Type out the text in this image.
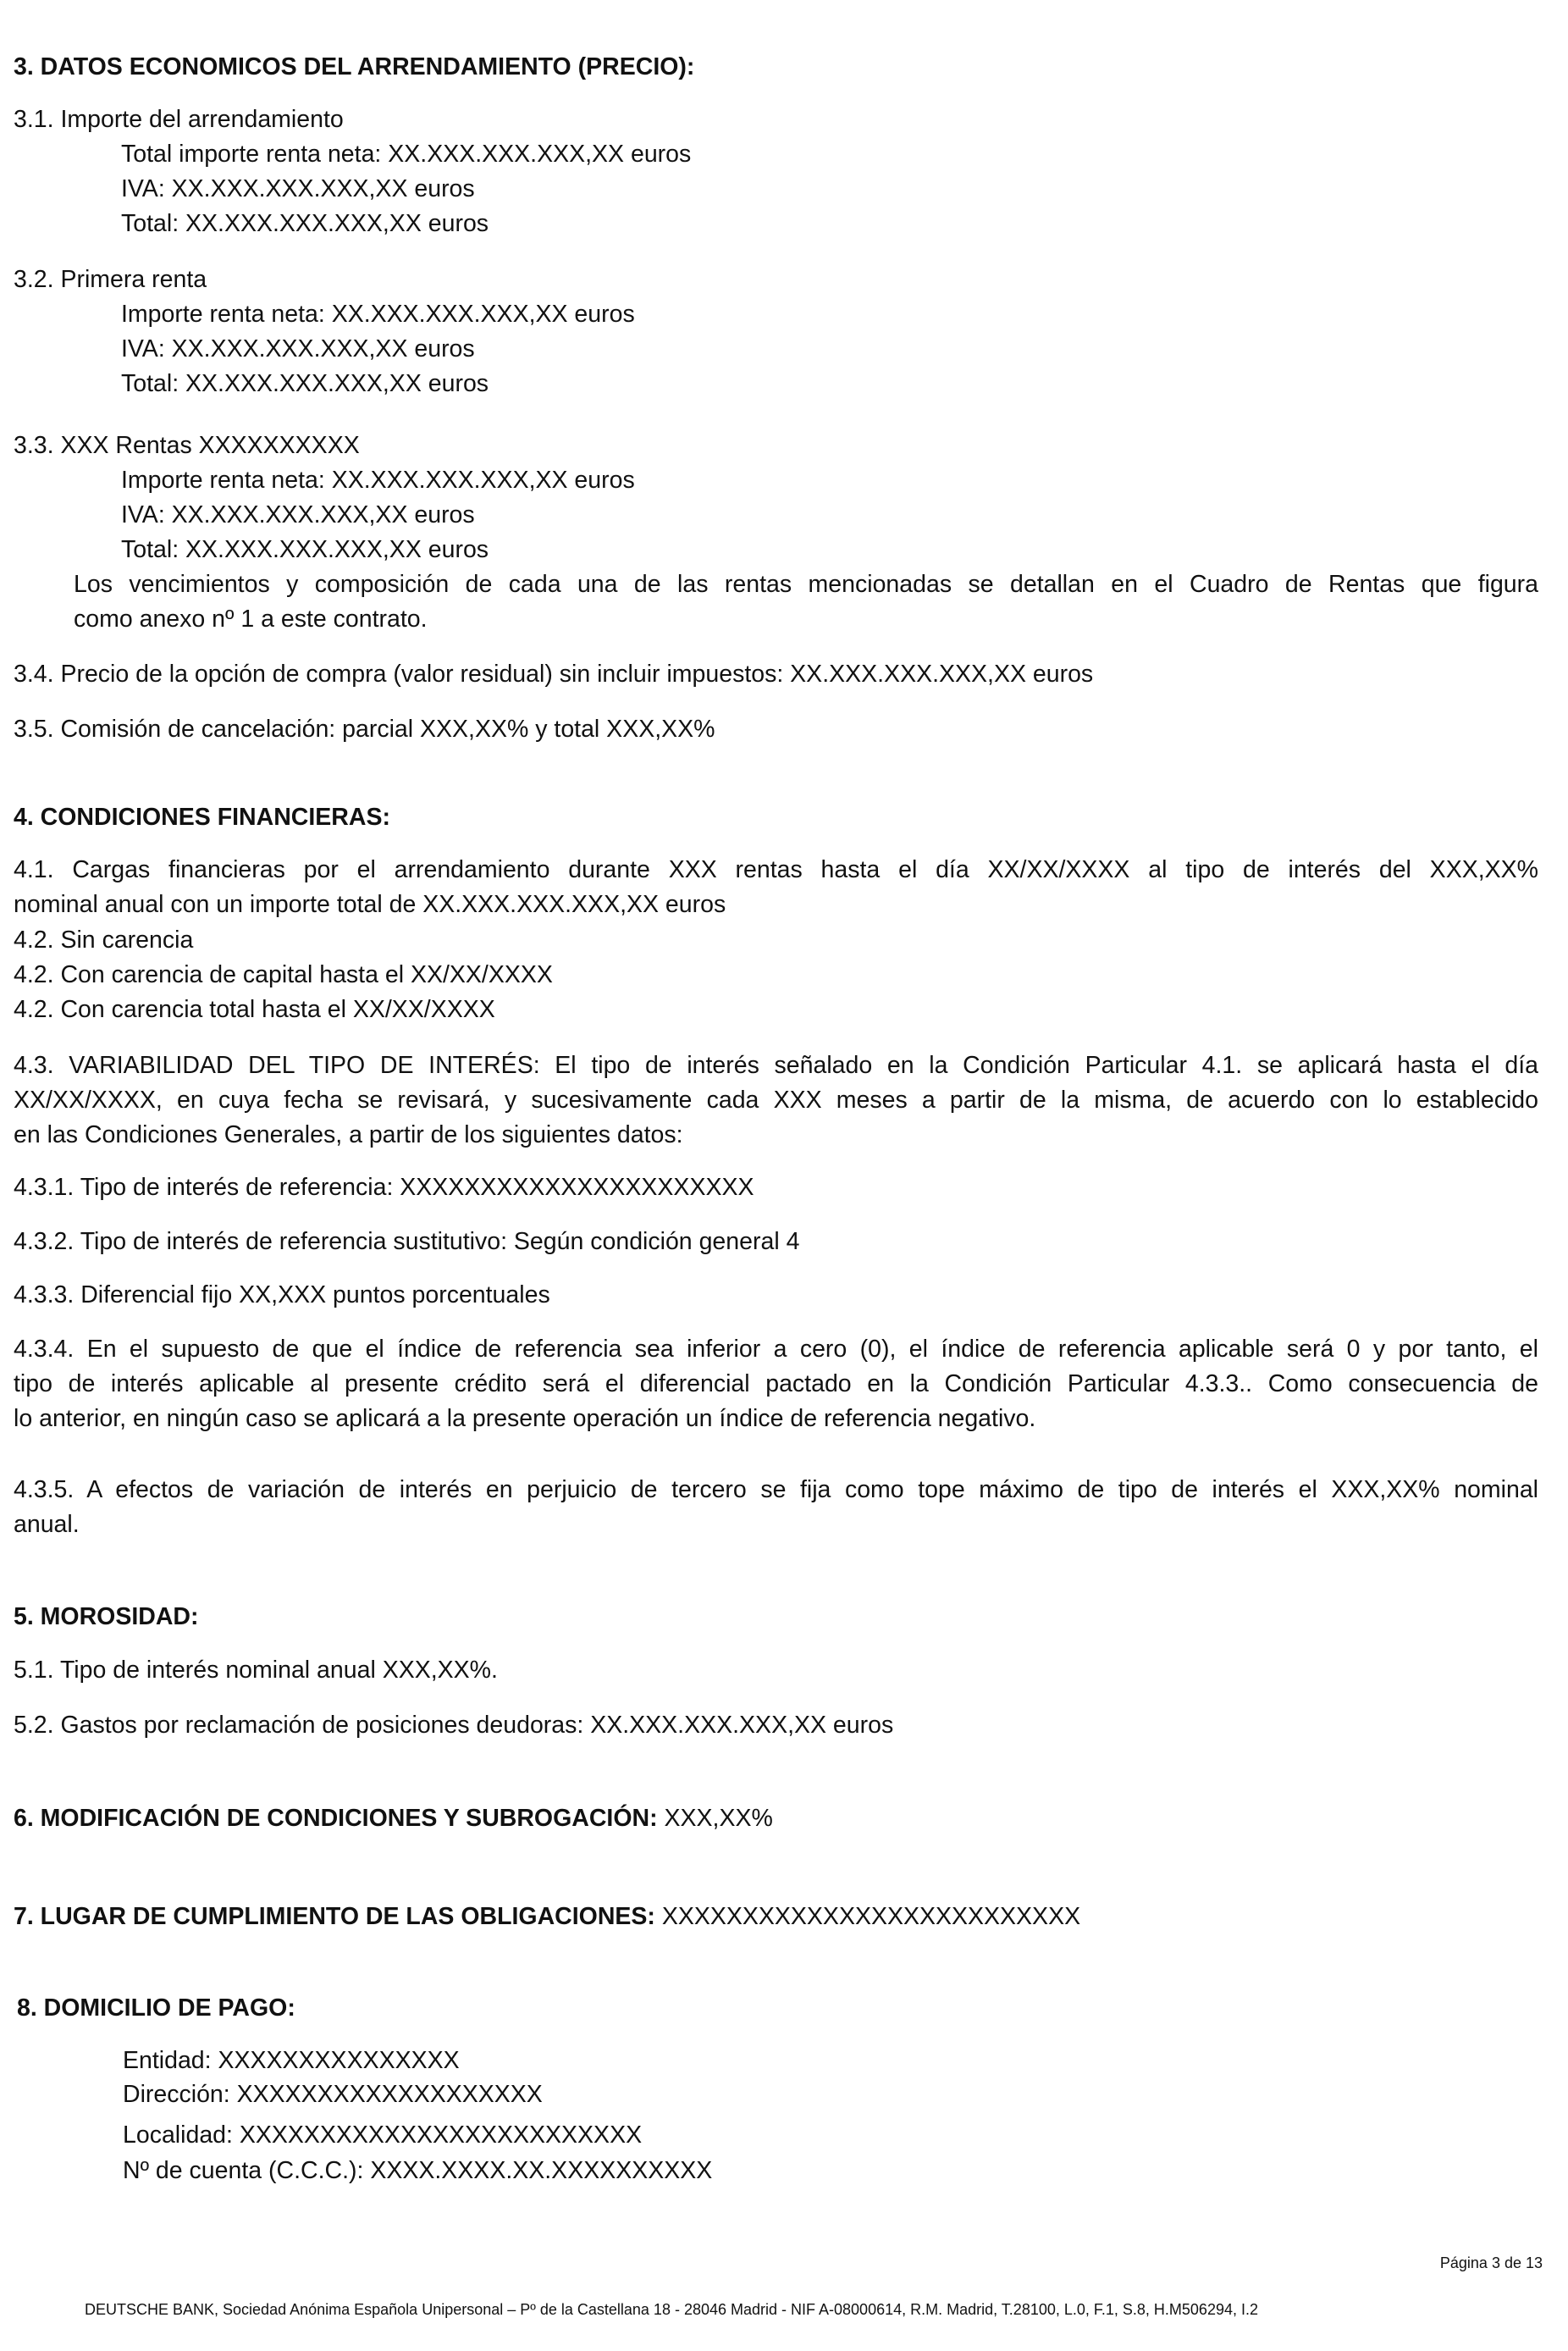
3. DATOS ECONOMICOS DEL ARRENDAMIENTO (PRECIO):
3.1. Importe del arrendamiento
Total importe renta neta: XX.XXX.XXX.XXX,XX euros
IVA: XX.XXX.XXX.XXX,XX euros
Total: XX.XXX.XXX.XXX,XX euros
3.2. Primera renta
Importe renta neta: XX.XXX.XXX.XXX,XX euros
IVA: XX.XXX.XXX.XXX,XX euros
Total: XX.XXX.XXX.XXX,XX euros
3.3. XXX Rentas XXXXXXXXXX
Importe renta neta: XX.XXX.XXX.XXX,XX euros
IVA: XX.XXX.XXX.XXX,XX euros
Total: XX.XXX.XXX.XXX,XX euros
Los vencimientos y composición de cada una de las rentas mencionadas se detallan en el Cuadro de Rentas que figura
como anexo nº 1 a este contrato.
3.4. Precio de la opción de compra (valor residual) sin incluir impuestos: XX.XXX.XXX.XXX,XX euros
3.5. Comisión de cancelación: parcial XXX,XX% y total XXX,XX%
4. CONDICIONES FINANCIERAS:
4.1. Cargas financieras por el arrendamiento durante XXX rentas hasta el día XX/XX/XXXX al tipo de interés del XXX,XX%
nominal anual con un importe total de XX.XXX.XXX.XXX,XX euros
4.2. Sin carencia
4.2. Con carencia de capital hasta el XX/XX/XXXX
4.2. Con carencia total hasta el XX/XX/XXXX
4.3. VARIABILIDAD DEL TIPO DE INTERÉS: El tipo de interés señalado en la Condición Particular 4.1. se aplicará hasta el día
XX/XX/XXXX, en cuya fecha se revisará, y sucesivamente cada XXX meses a partir de la misma, de acuerdo con lo establecido
en las Condiciones Generales, a partir de los siguientes datos:
4.3.1. Tipo de interés de referencia: XXXXXXXXXXXXXXXXXXXXXX
4.3.2. Tipo de interés de referencia sustitutivo: Según condición general 4
4.3.3. Diferencial fijo XX,XXX puntos porcentuales
4.3.4. En el supuesto de que el índice de referencia sea inferior a cero (0), el índice de referencia aplicable será 0 y por tanto, el
tipo de interés aplicable al presente crédito será el diferencial pactado en la Condición Particular 4.3.3.. Como consecuencia de
lo anterior, en ningún caso se aplicará a la presente operación un índice de referencia negativo.
4.3.5. A efectos de variación de interés en perjuicio de tercero se fija como tope máximo de tipo de interés el XXX,XX% nominal
anual.
5. MOROSIDAD:
5.1. Tipo de interés nominal anual XXX,XX%.
5.2. Gastos por reclamación de posiciones deudoras: XX.XXX.XXX.XXX,XX euros
6. MODIFICACIÓN DE CONDICIONES Y SUBROGACIÓN: XXX,XX%
7. LUGAR DE CUMPLIMIENTO DE LAS OBLIGACIONES: XXXXXXXXXXXXXXXXXXXXXXXXXX
8. DOMICILIO DE PAGO:
Entidad: XXXXXXXXXXXXXXX
Dirección: XXXXXXXXXXXXXXXXXXX
Localidad: XXXXXXXXXXXXXXXXXXXXXXXXX
Nº de cuenta (C.C.C.): XXXX.XXXX.XX.XXXXXXXXXX
Página 3 de 13
DEUTSCHE BANK, Sociedad Anónima Española Unipersonal – Pº de la Castellana 18 - 28046 Madrid - NIF A-08000614, R.M. Madrid, T.28100, L.0, F.1, S.8, H.M506294, I.2
